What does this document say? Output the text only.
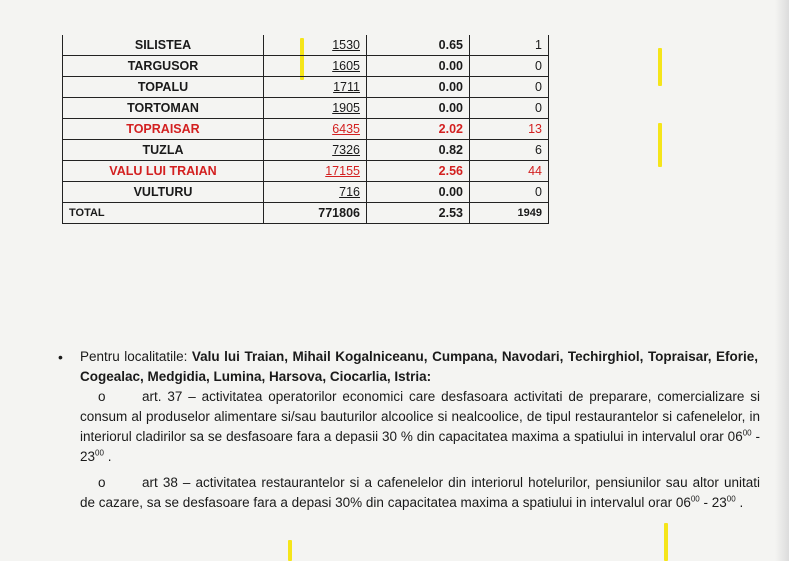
SILISTEA	1530	0.65	1
TARGUSOR	1605	0.00	0
TOPALU	1711	0.00	0
TORTOMAN	1905	0.00	0
TOPRAISAR	6435	2.02	13
TUZLA	7326	0.82	6
VALU LUI TRAIAN	17155	2.56	44
VULTURU	716	0.00	0
TOTAL	771806	2.53	1949
• Pentru localitatile: Valu lui Traian, Mihail Kogalniceanu, Cumpana, Navodari, Techirghiol, Topraisar, Eforie, Cogealac, Medgidia, Lumina, Harsova, Ciocarlia, Istria:
o	art. 37 – activitatea operatorilor economici care desfasoara activitati de preparare, comercializare si consum al produselor alimentare si/sau bauturilor alcoolice si nealcoolice, de tipul restaurantelor si cafenelelor, in interiorul cladirilor sa se desfasoare fara a depasii 30 % din capacitatea maxima a spatiului in intervalul orar $06^{00} - 23^{00}$ .
o	art 38 – activitatea restaurantelor si a cafenelelor din interiorul hotelurilor, pensiunilor sau altor unitati de cazare, sa se desfasoare fara a depasi 30% din capacitatea maxima a spatiului in intervalul orar $06^{00} - 23^{00}$ .
